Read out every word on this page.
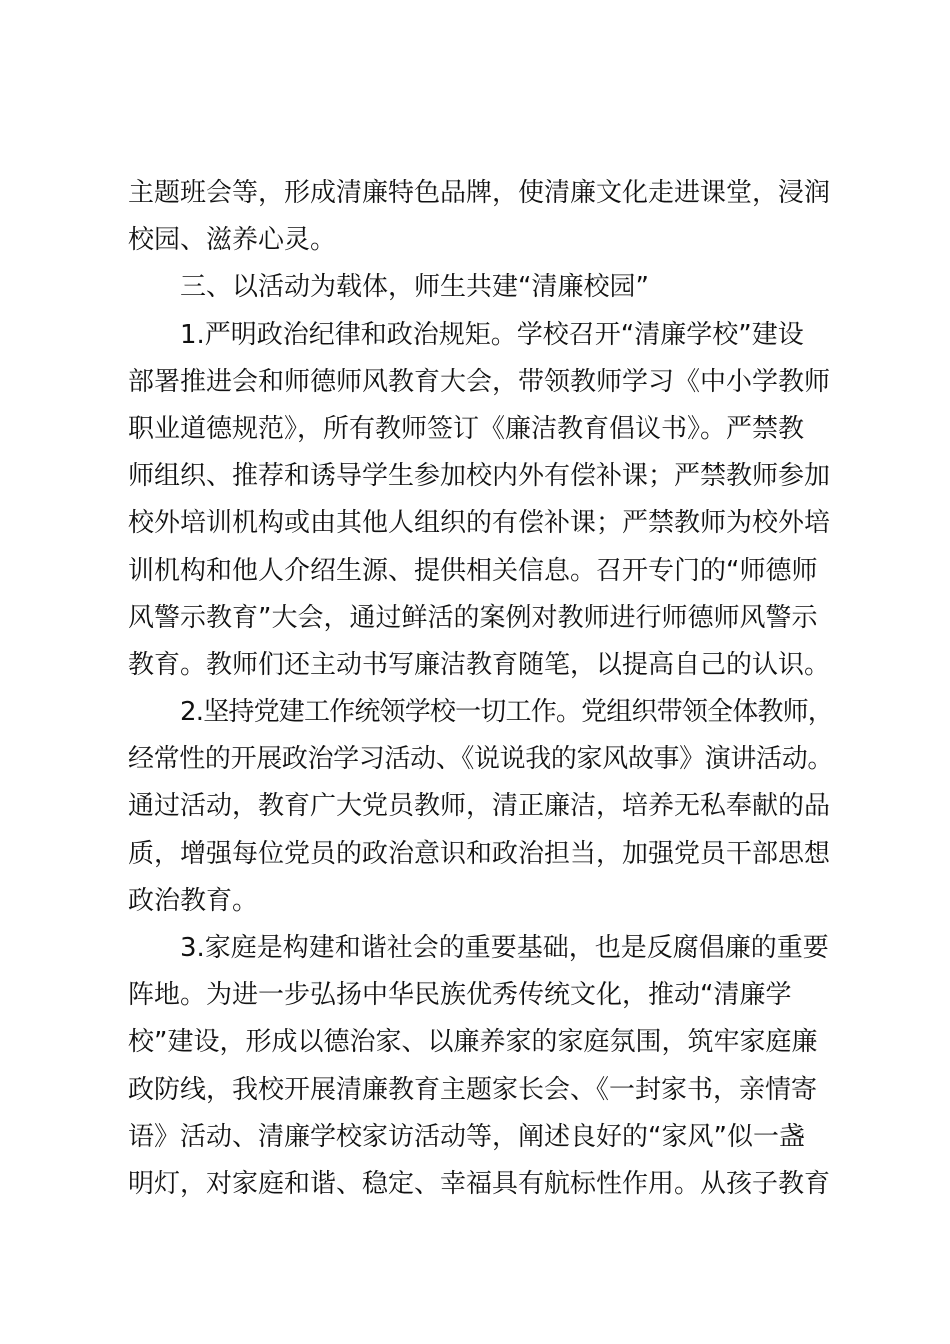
主题班会等，形成清廉特色品牌，使清廉文化走进课堂，浸润
校园、滋养心灵。
三、以活动为载体，师生共建“清廉校园”
1.严明政治纪律和政治规矩。学校召开“清廉学校”建设
部署推进会和师德师风教育大会，带领教师学习《中小学教师
职业道德规范》，所有教师签订《廉洁教育倡议书》。严禁教
师组织、推荐和诱导学生参加校内外有偿补课；严禁教师参加
校外培训机构或由其他人组织的有偿补课；严禁教师为校外培
训机构和他人介绍生源、提供相关信息。召开专门的“师德师
风警示教育”大会，通过鲜活的案例对教师进行师德师风警示
教育。教师们还主动书写廉洁教育随笔，以提高自己的认识。
2.坚持党建工作统领学校一切工作。党组织带领全体教师，
经常性的开展政治学习活动、《说说我的家风故事》演讲活动。
通过活动，教育广大党员教师，清正廉洁，培养无私奉献的品
质，增强每位党员的政治意识和政治担当，加强党员干部思想
政治教育。
3.家庭是构建和谐社会的重要基础，也是反腐倡廉的重要
阵地。为进一步弘扬中华民族优秀传统文化，推动“清廉学
校”建设，形成以德治家、以廉养家的家庭氛围，筑牢家庭廉
政防线，我校开展清廉教育主题家长会、《一封家书，亲情寄
语》活动、清廉学校家访活动等，阐述良好的“家风”似一盏
明灯，对家庭和谐、稳定、幸福具有航标性作用。从孩子教育
